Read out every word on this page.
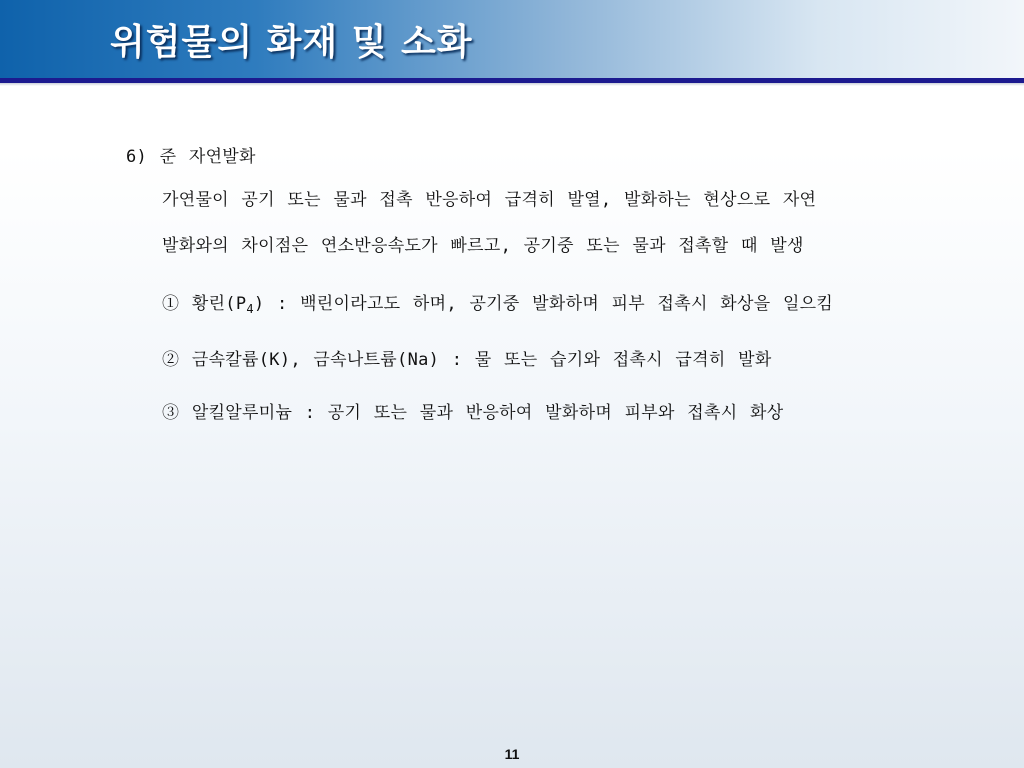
위험물의 화재 및 소화
6) 준 자연발화
가연물이 공기 또는 물과 접촉 반응하여 급격히 발열, 발화하는 현상으로 자연
발화와의 차이점은 연소반응속도가 빠르고, 공기중 또는 물과 접촉할 때 발생
① 황린$(P_4)$ : 백린이라고도 하며, 공기중 발화하며 피부 접촉시 화상을 일으킴
② 금속칼륨(K), 금속나트륨(Na) : 물 또는 습기와 접촉시 급격히 발화
③ 알킬알루미늄 : 공기 또는 물과 반응하여 발화하며 피부와 접촉시 화상
11
